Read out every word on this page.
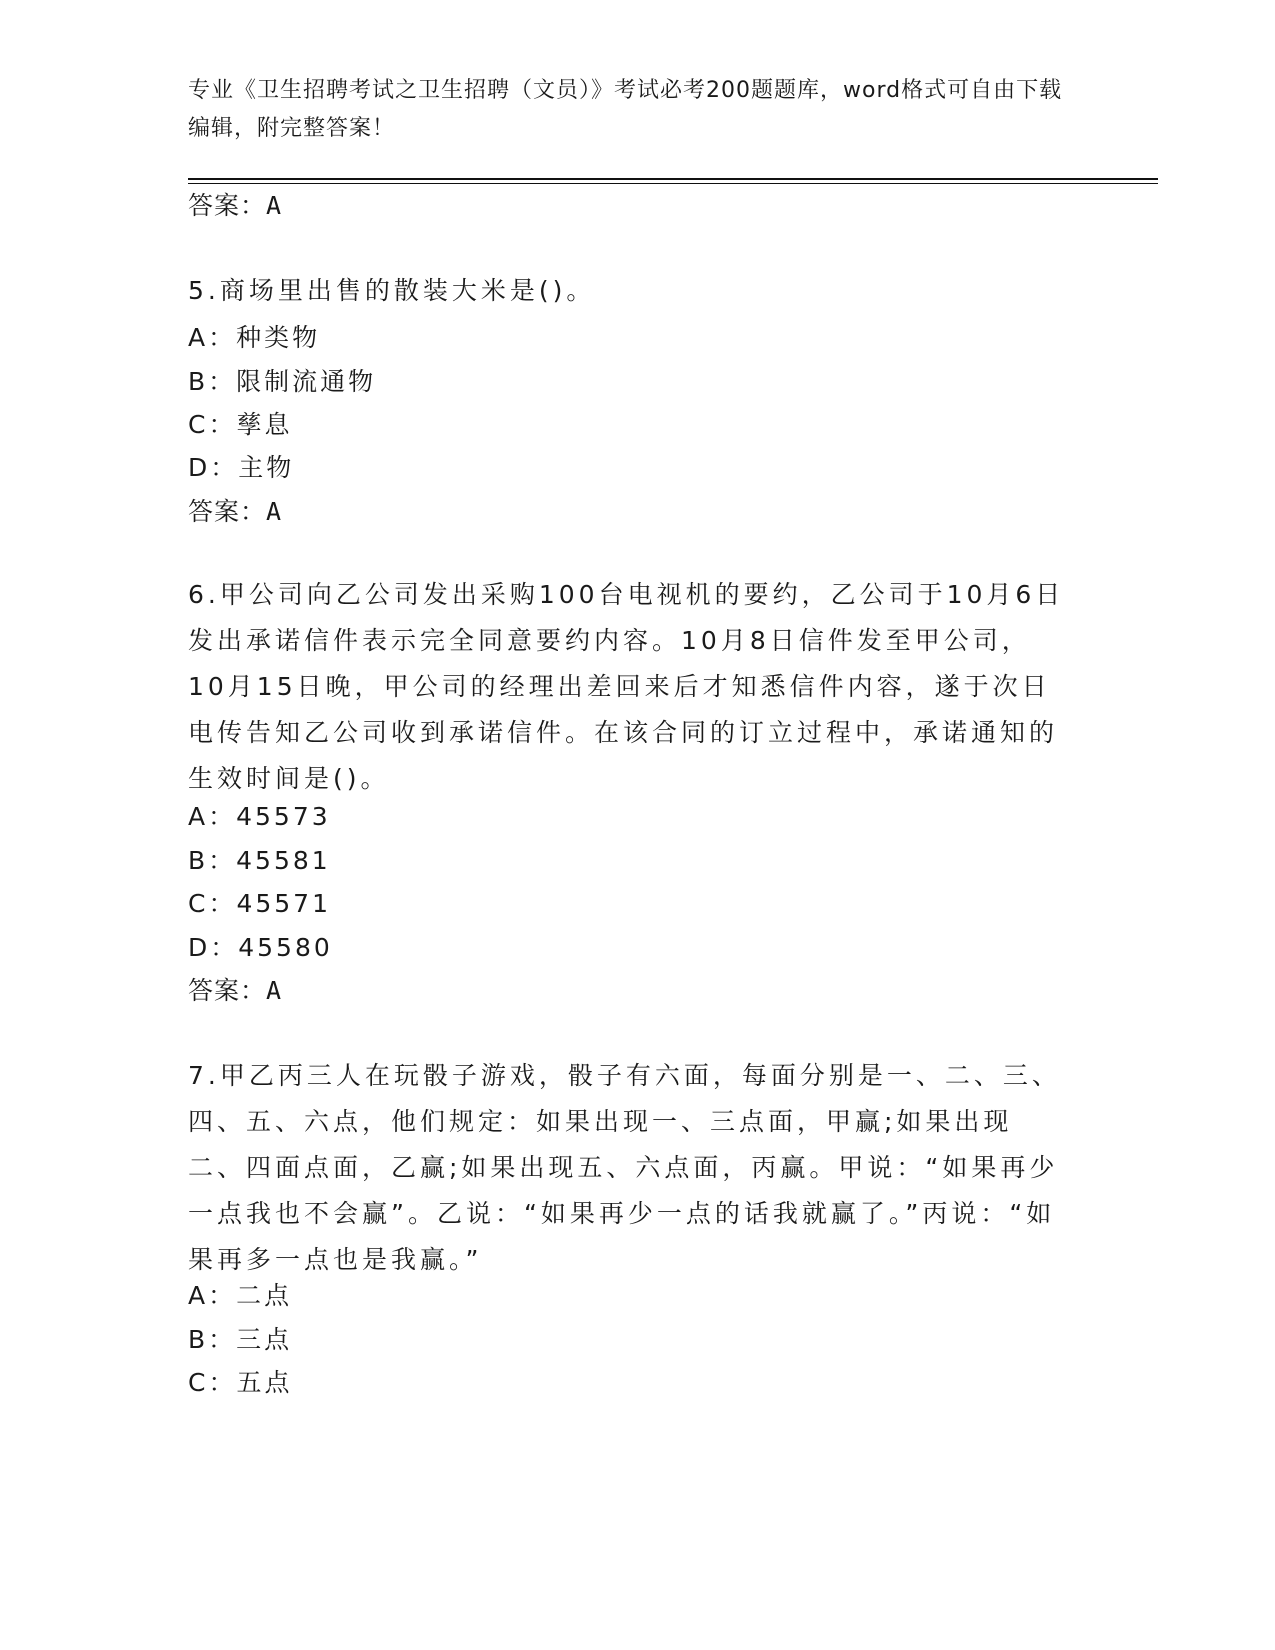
专业《卫生招聘考试之卫生招聘（文员）》考试必考200题题库，word格式可自由下载编辑，附完整答案！
答案：A
5.商场里出售的散装大米是()。
A：种类物
B：限制流通物
C：孳息
D：主物
答案：A
6.甲公司向乙公司发出采购100台电视机的要约，乙公司于10月6日发出承诺信件表示完全同意要约内容。10月8日信件发至甲公司，10月15日晚，甲公司的经理出差回来后才知悉信件内容，遂于次日电传告知乙公司收到承诺信件。在该合同的订立过程中，承诺通知的生效时间是()。
A：45573
B：45581
C：45571
D：45580
答案：A
7.甲乙丙三人在玩骰子游戏，骰子有六面，每面分别是一、二、三、四、五、六点，他们规定：如果出现一、三点面，甲赢;如果出现二、四面点面，乙赢;如果出现五、六点面，丙赢。甲说：“如果再少一点我也不会赢”。乙说：“如果再少一点的话我就赢了。”丙说：“如果再多一点也是我赢。”
A：二点
B：三点
C：五点
